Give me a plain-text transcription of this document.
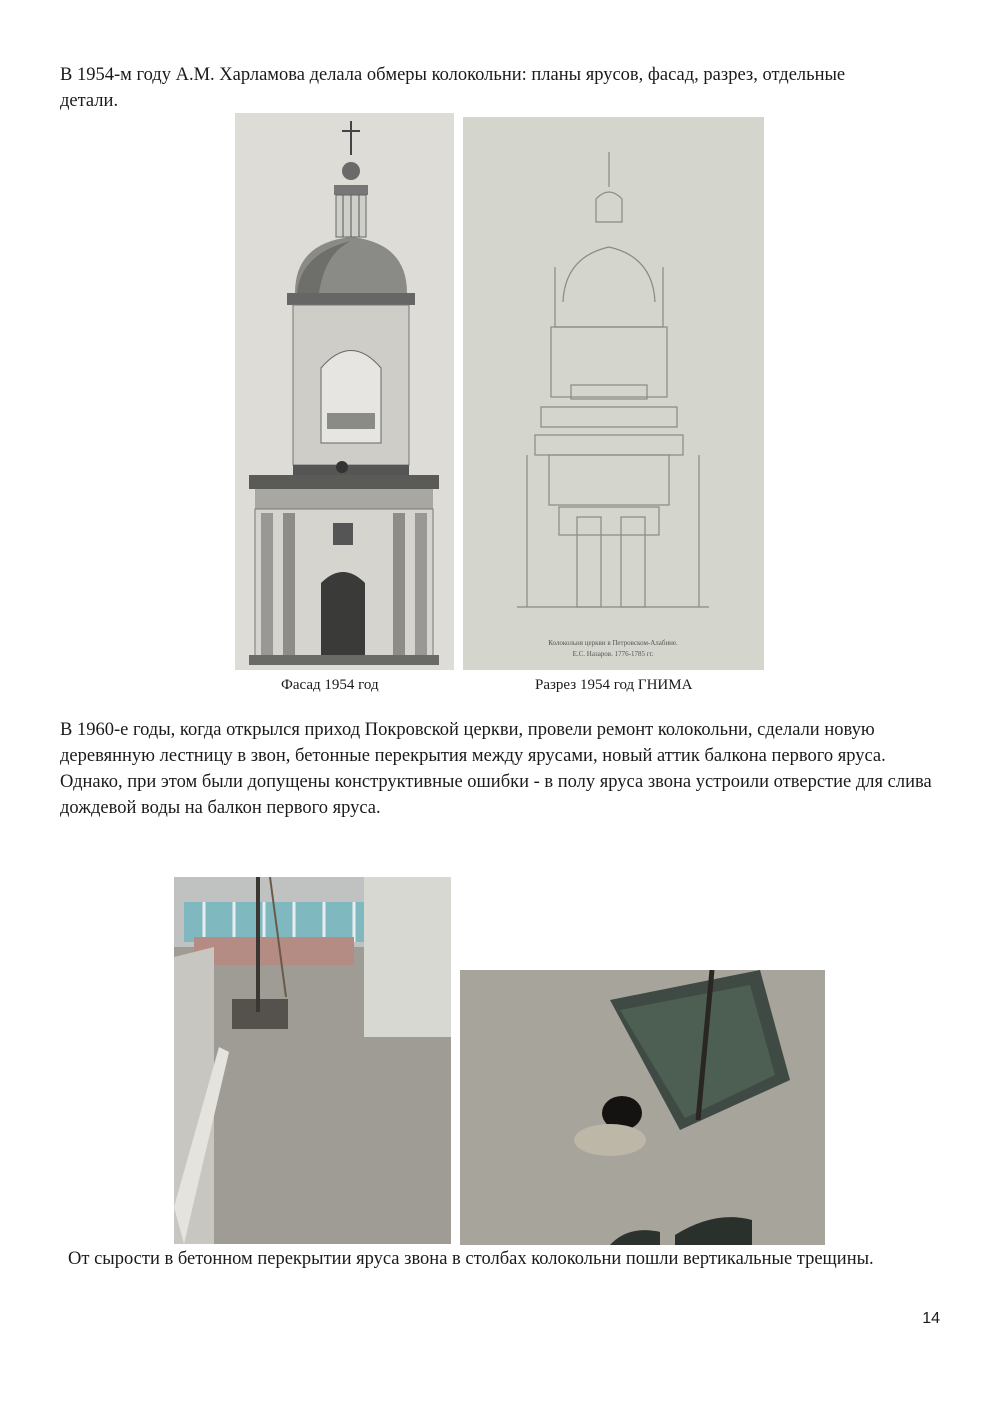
В 1954-м году А.М. Харламова делала обмеры колокольни: планы ярусов, фасад, разрез, отдельные
детали.

Колокольня церкви в Петровском-Алабине.
Е.С. Назаров. 1776-1785 гг.
Фасад 1954 год	Разрез 1954 год ГНИМА

В 1960-е годы, когда открылся приход Покровской церкви, провели ремонт колокольни, сделали новую
деревянную лестницу в звон, бетонные перекрытия между ярусами, новый аттик балкона первого яруса.
Однако, при этом были допущены конструктивные ошибки - в полу яруса звона устроили отверстие для слива
дождевой воды на балкон первого яруса.

От сырости в бетонном перекрытии яруса звона в столбах колокольни пошли вертикальные трещины.

14
